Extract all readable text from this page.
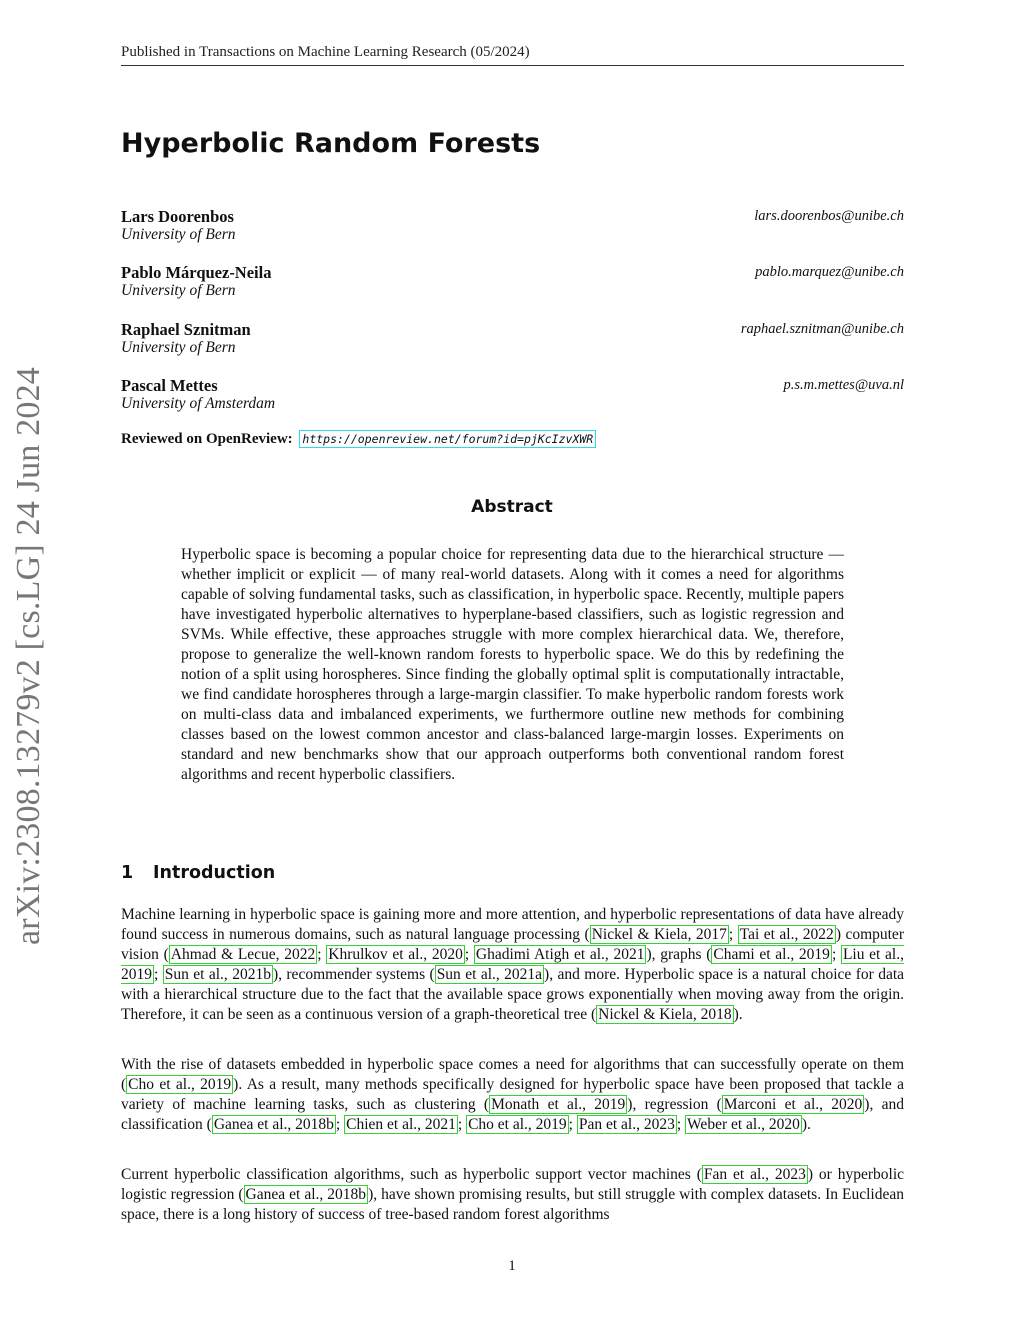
Published in Transactions on Machine Learning Research (05/2024)
arXiv:2308.13279v2 [cs.LG] 24 Jun 2024
Hyperbolic Random Forests
Lars Doorenbos
University of Bern
lars.doorenbos@unibe.ch
Pablo Márquez-Neila
University of Bern
pablo.marquez@unibe.ch
Raphael Sznitman
University of Bern
raphael.sznitman@unibe.ch
Pascal Mettes
University of Amsterdam
p.s.m.mettes@uva.nl
Reviewed on OpenReview: https://openreview.net/forum?id=pjKcIzvXWR
Abstract
Hyperbolic space is becoming a popular choice for representing data due to the hierarchical structure — whether implicit or explicit — of many real-world datasets. Along with it comes a need for algorithms capable of solving fundamental tasks, such as classification, in hyperbolic space. Recently, multiple papers have investigated hyperbolic alternatives to hyperplane-based classifiers, such as logistic regression and SVMs. While effective, these approaches struggle with more complex hierarchical data. We, therefore, propose to generalize the well-known random forests to hyperbolic space. We do this by redefining the notion of a split using horospheres. Since finding the globally optimal split is computationally intractable, we find candidate horospheres through a large-margin classifier. To make hyperbolic random forests work on multi-class data and imbalanced experiments, we furthermore outline new methods for combining classes based on the lowest common ancestor and class-balanced large-margin losses. Experiments on standard and new benchmarks show that our approach outperforms both conventional random forest algorithms and recent hyperbolic classifiers.
1 Introduction
Machine learning in hyperbolic space is gaining more and more attention, and hyperbolic representations of data have already found success in numerous domains, such as natural language processing ( Nickel & Kiela, 2017 ; Tai et al., 2022 ) computer vision ( Ahmad & Lecue, 2022 ; Khrulkov et al., 2020 ; Ghadimi Atigh et al., 2021 ), graphs ( Chami et al., 2019 ; Liu et al., 2019 ; Sun et al., 2021b ), recommender systems ( Sun et al., 2021a ), and more. Hyperbolic space is a natural choice for data with a hierarchical structure due to the fact that the available space grows exponentially when moving away from the origin. Therefore, it can be seen as a continuous version of a graph-theoretical tree ( Nickel & Kiela, 2018 ).
With the rise of datasets embedded in hyperbolic space comes a need for algorithms that can successfully operate on them ( Cho et al., 2019 ). As a result, many methods specifically designed for hyperbolic space have been proposed that tackle a variety of machine learning tasks, such as clustering ( Monath et al., 2019 ), regression ( Marconi et al., 2020 ), and classification ( Ganea et al., 2018b ; Chien et al., 2021 ; Cho et al., 2019 ; Pan et al., 2023 ; Weber et al., 2020 ).
Current hyperbolic classification algorithms, such as hyperbolic support vector machines ( Fan et al., 2023 ) or hyperbolic logistic regression ( Ganea et al., 2018b ), have shown promising results, but still struggle with complex datasets. In Euclidean space, there is a long history of success of tree-based random forest algorithms
1
